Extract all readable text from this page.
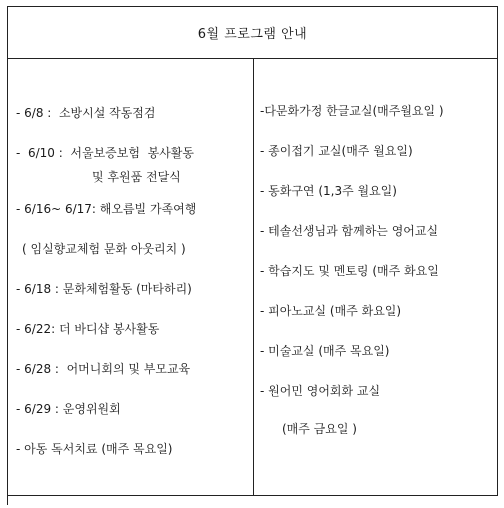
6월 프로그램 안내
- 6/8 :  소방시설 작동점검
-  6/10 :  서울보증보험  봉사활동
및 후원품 전달식
- 6/16~ 6/17: 해오름빌 가족여행
( 임실향교체험 문화 아웃리치 )
- 6/18 : 문화체험활동 (마타하리)
- 6/22: 더 바디샵 봉사활동
- 6/28 :  어머니회의 및 부모교육
- 6/29 : 운영위원회
- 아동 독서치료 (매주 목요일)
-다문화가정 한글교실(매주월요일 )
- 종이접기 교실(매주 월요일)
- 동화구연 (1,3주 월요일)
- 테솔선생님과 함께하는 영어교실
- 학습지도 및 멘토링 (매주 화요일
- 피아노교실 (매주 화요일)
- 미술교실 (매주 목요일)
- 원어민 영어회화 교실
(매주 금요일 )
